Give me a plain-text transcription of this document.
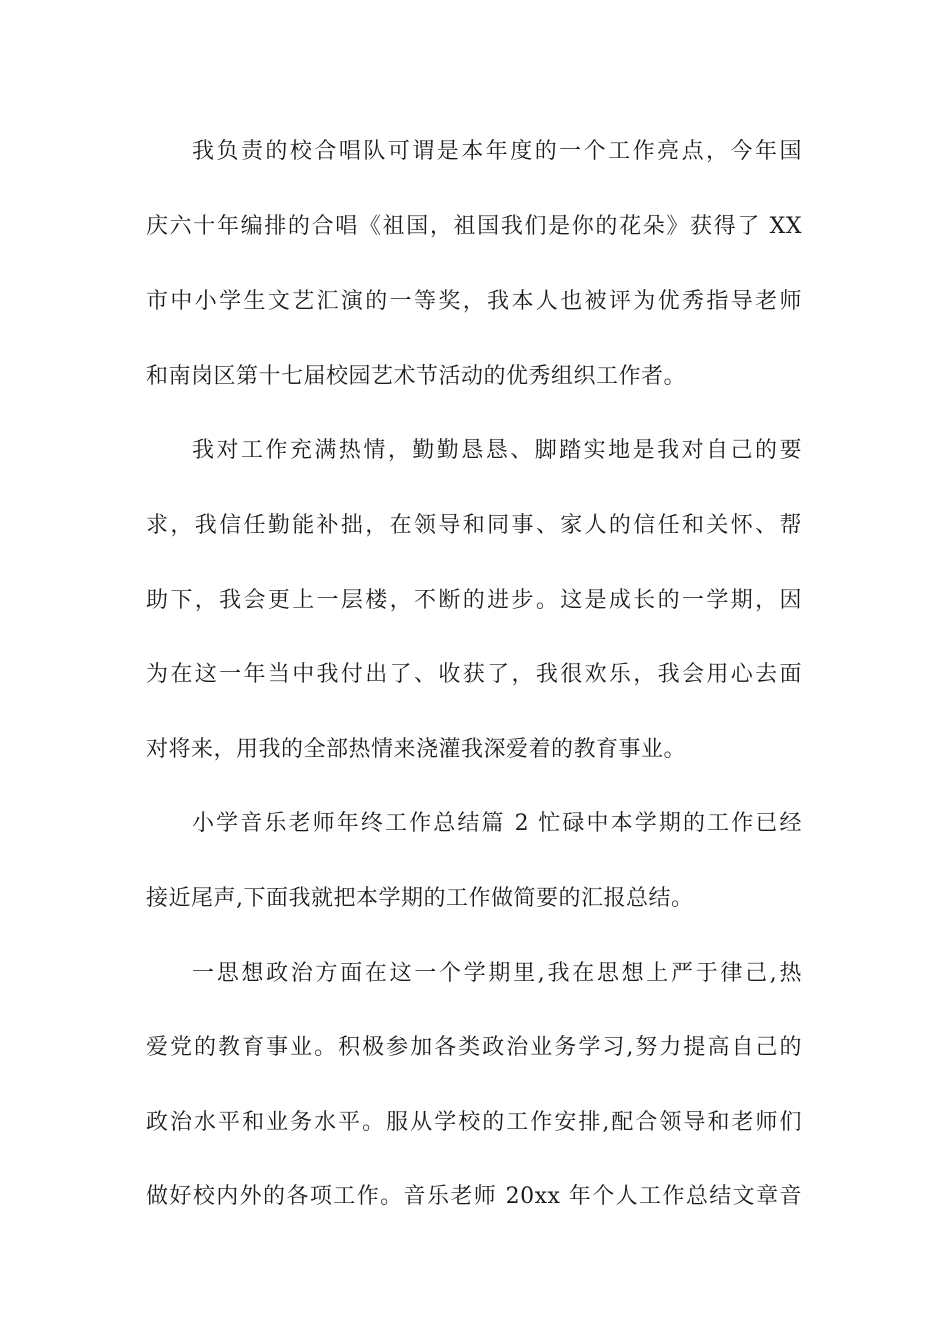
我负责的校合唱队可谓是本年度的一个工作亮点，今年国
庆六十年编排的合唱《祖国，祖国我们是你的花朵》获得了 XX
市中小学生文艺汇演的一等奖，我本人也被评为优秀指导老师
和南岗区第十七届校园艺术节活动的优秀组织工作者。
我对工作充满热情，勤勤恳恳、脚踏实地是我对自己的要
求，我信任勤能补拙，在领导和同事、家人的信任和关怀、帮
助下，我会更上一层楼，不断的进步。这是成长的一学期，因
为在这一年当中我付出了、收获了，我很欢乐，我会用心去面
对将来，用我的全部热情来浇灌我深爱着的教育事业。
小学音乐老师年终工作总结篇 2 忙碌中本学期的工作已经
接近尾声,下面我就把本学期的工作做简要的汇报总结。
一思想政治方面在这一个学期里,我在思想上严于律己,热
爱党的教育事业。积极参加各类政治业务学习,努力提高自己的
政治水平和业务水平。服从学校的工作安排,配合领导和老师们
做好校内外的各项工作。音乐老师 20xx 年个人工作总结文章音
